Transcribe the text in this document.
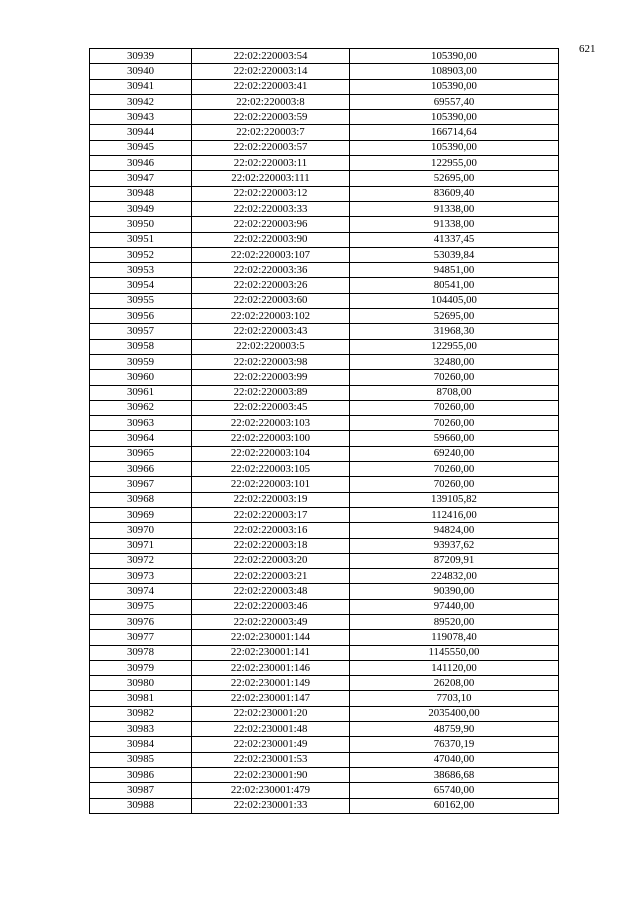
621
30939	22:02:220003:54	105390,00
30940	22:02:220003:14	108903,00
30941	22:02:220003:41	105390,00
30942	22:02:220003:8	69557,40
30943	22:02:220003:59	105390,00
30944	22:02:220003:7	166714,64
30945	22:02:220003:57	105390,00
30946	22:02:220003:11	122955,00
30947	22:02:220003:111	52695,00
30948	22:02:220003:12	83609,40
30949	22:02:220003:33	91338,00
30950	22:02:220003:96	91338,00
30951	22:02:220003:90	41337,45
30952	22:02:220003:107	53039,84
30953	22:02:220003:36	94851,00
30954	22:02:220003:26	80541,00
30955	22:02:220003:60	104405,00
30956	22:02:220003:102	52695,00
30957	22:02:220003:43	31968,30
30958	22:02:220003:5	122955,00
30959	22:02:220003:98	32480,00
30960	22:02:220003:99	70260,00
30961	22:02:220003:89	8708,00
30962	22:02:220003:45	70260,00
30963	22:02:220003:103	70260,00
30964	22:02:220003:100	59660,00
30965	22:02:220003:104	69240,00
30966	22:02:220003:105	70260,00
30967	22:02:220003:101	70260,00
30968	22:02:220003:19	139105,82
30969	22:02:220003:17	112416,00
30970	22:02:220003:16	94824,00
30971	22:02:220003:18	93937,62
30972	22:02:220003:20	87209,91
30973	22:02:220003:21	224832,00
30974	22:02:220003:48	90390,00
30975	22:02:220003:46	97440,00
30976	22:02:220003:49	89520,00
30977	22:02:230001:144	119078,40
30978	22:02:230001:141	1145550,00
30979	22:02:230001:146	141120,00
30980	22:02:230001:149	26208,00
30981	22:02:230001:147	7703,10
30982	22:02:230001:20	2035400,00
30983	22:02:230001:48	48759,90
30984	22:02:230001:49	76370,19
30985	22:02:230001:53	47040,00
30986	22:02:230001:90	38686,68
30987	22:02:230001:479	65740,00
30988	22:02:230001:33	60162,00
